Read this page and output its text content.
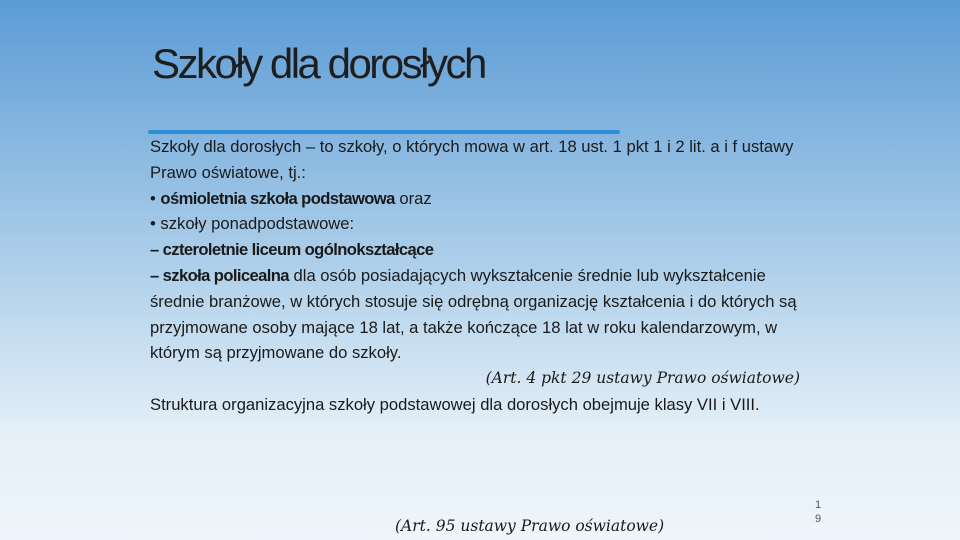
Szkoły dla dorosłych

Szkoły dla dorosłych – to szkoły, o których mowa w art. 18 ust. 1 pkt 1 i 2 lit. a i f ustawy Prawo oświatowe, tj.:

• ośmioletnia szkoła podstawowa oraz

• szkoły ponadpodstawowe:

– czteroletnie liceum ogólnokształcące

– szkoła policealna dla osób posiadających wykształcenie średnie lub wykształcenie średnie branżowe, w których stosuje się odrębną organizację kształcenia i do których są przyjmowane osoby mające 18 lat, a także kończące 18 lat w roku kalendarzowym, w którym są przyjmowane do szkoły.

(Art. 4 pkt 29 ustawy Prawo oświatowe)

Struktura organizacyjna szkoły podstawowej dla dorosłych obejmuje klasy VII i VIII.

(Art. 95 ustawy Prawo oświatowe)
1
9
